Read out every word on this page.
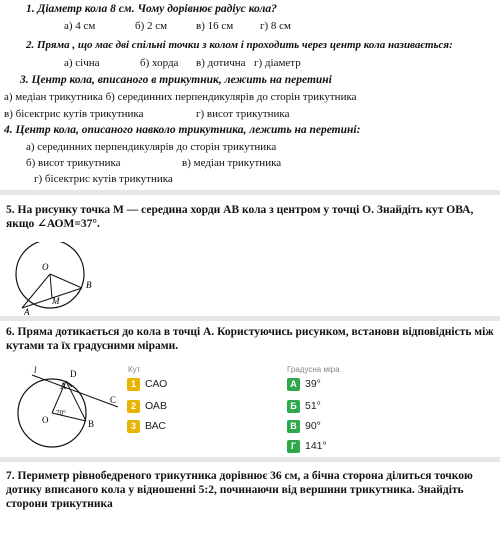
1. Діаметр кола 8 см. Чому дорівнює радіус кола?
а) 4 см	б) 2 см	в) 16 см г) 8 см
2. Пряма , що має дві спільні точки з колом і проходить через центр кола називається:
а) січна	б) хорда в) дотична г) діаметр
3. Центр кола, вписаного в трикутник, лежить на перетині
а) медіан трикутника б) серединних перпендикулярів до сторін трикутника
в) бісектрис кутів трикутника	г) висот трикутника
4. Центр кола, описаного навколо трикутника, лежить на перетині:
а) серединних перпендикулярів до сторін трикутника
б) висот трикутника	в) медіан трикутника
г) бісектрис кутів трикутника
5. На рисунку точка М — середина хорди АВ кола з центром у точці О. Знайдіть кут ОВА, якщо ∠АОМ=37°.
O
B
M
A
6. Пряма дотикається до кола в точці А. Користуючись рисунком, встанови відповідність між кутами та їх градусними мірами.
l	D
A
C
O	B
70°
Кут	Градусна міра
1 САО
2 ОАВ
3 ВАС
А 39°
Б 51°
В 90°
Г 141°
7. Периметр рівнобедреного трикутника дорівнює 36 см, а бічна сторона ділиться точкою дотику вписаного кола у відношенні 5:2, починаючи від вершини трикутника. Знайдіть сторони трикутника
